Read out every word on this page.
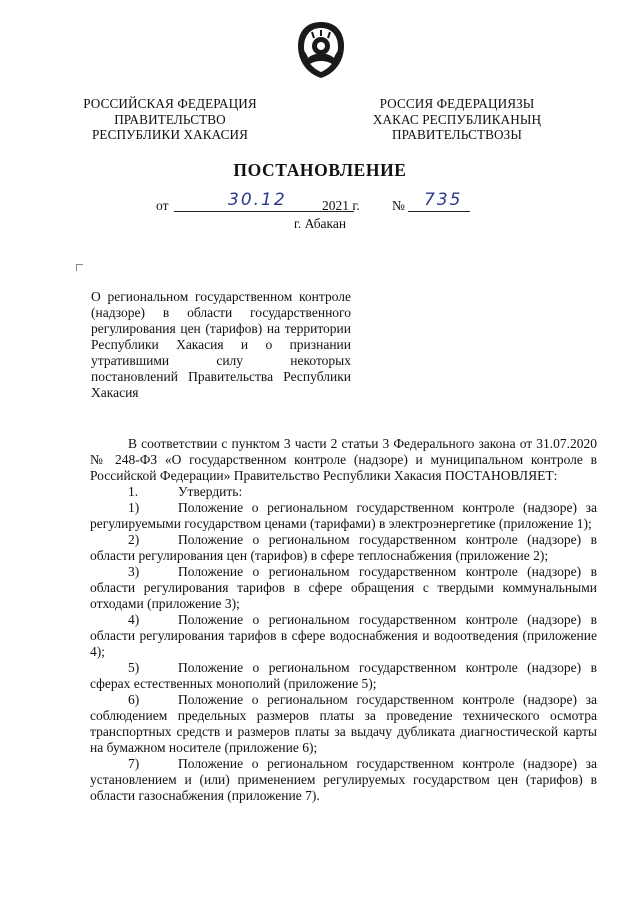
РОССИЙСКАЯ ФЕДЕРАЦИЯ
ПРАВИТЕЛЬСТВО
РЕСПУБЛИКИ ХАКАСИЯ
РОССИЯ ФЕДЕРАЦИЯЗЫ
ХАКАС РЕСПУБЛИКАНЫҢ
ПРАВИТЕЛЬСТВОЗЫ
ПОСТАНОВЛЕНИЕ
от	30.12	2021 г. № 735
г. Абакан
О региональном государственном контроле (надзоре) в области государственного регулирования цен (тарифов) на территории Республики Хакасия и о признании утратившими силу некоторых постановлений Правительства Республики Хакасия

В соответствии с пунктом 3 части 2 статьи 3 Федерального закона от 31.07.2020 № 248-ФЗ «О государственном контроле (надзоре) и муниципальном контроле в Российской Федерации» Правительство Республики Хакасия ПОСТАНОВЛЯЕТ:

1.	Утвердить:
1)	Положение о региональном государственном контроле (надзоре) за регулируемыми государством ценами (тарифами) в электроэнергетике (приложение 1);
2)	Положение о региональном государственном контроле (надзоре) в области регулирования цен (тарифов) в сфере теплоснабжения (приложение 2);
3)	Положение о региональном государственном контроле (надзоре) в области регулирования тарифов в сфере обращения с твердыми коммунальными отходами (приложение 3);
4)	Положение о региональном государственном контроле (надзоре) в области регулирования тарифов в сфере водоснабжения и водоотведения (приложение 4);
5)	Положение о региональном государственном контроле (надзоре) в сферах естественных монополий (приложение 5);
6)	Положение о региональном государственном контроле (надзоре) за соблюдением предельных размеров платы за проведение технического осмотра транспортных средств и размеров платы за выдачу дубликата диагностической карты на бумажном носителе (приложение 6);
7)	Положение о региональном государственном контроле (надзоре) за установлением и (или) применением регулируемых государством цен (тарифов) в области газоснабжения (приложение 7).
